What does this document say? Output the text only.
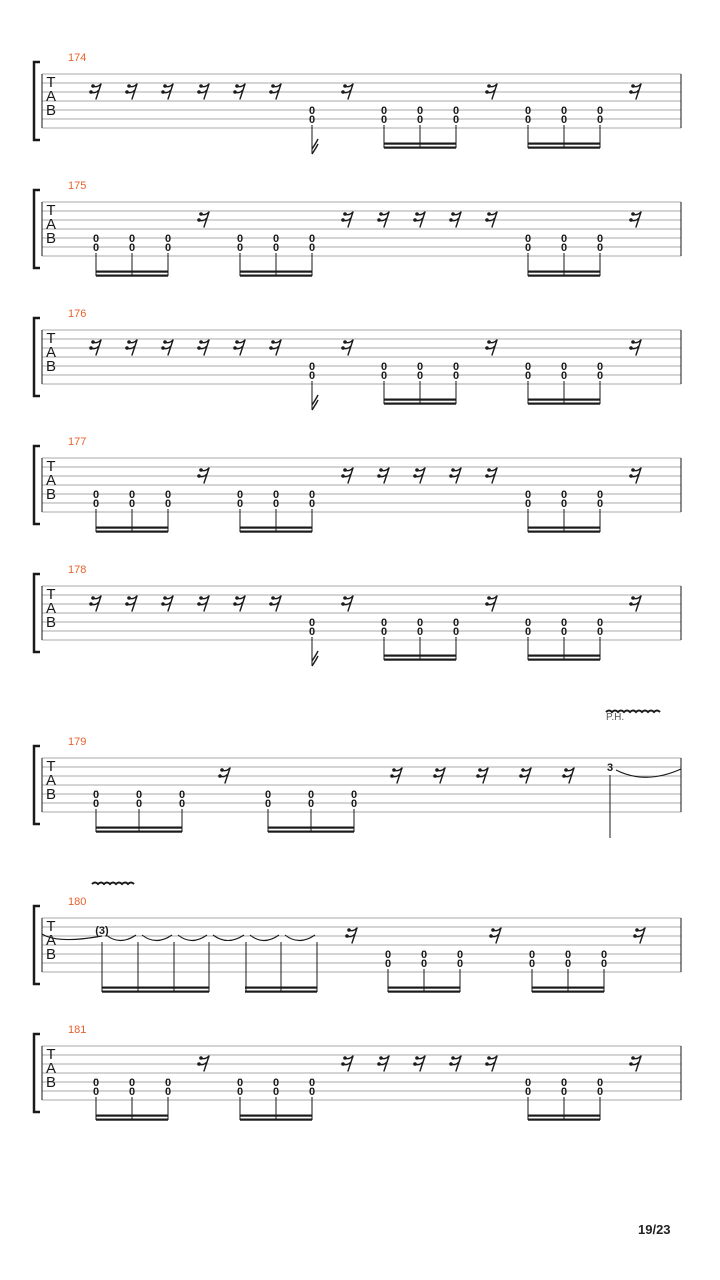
T
A
B
174
0
0
0
0
0
0
0
0
0
0
0
0
0
0
T
A
B
175
0
0
0
0
0
0
0
0
0
0
0
0
0
0
0
0
0
0
T
A
B
176
0
0
0
0
0
0
0
0
0
0
0
0
0
0
T
A
B
177
0
0
0
0
0
0
0
0
0
0
0
0
0
0
0
0
0
0
T
A
B
178
0
0
0
0
0
0
0
0
0
0
0
0
0
0
T
A
B
179
0
0
0
0
0
0
0
0
0
0
0
0
3
P.H.
T
A
B
180
(3)
0
0
0
0
0
0
0
0
0
0
0
0
T
A
B
181
0
0
0
0
0
0
0
0
0
0
0
0
0
0
0
0
0
0
19/23
